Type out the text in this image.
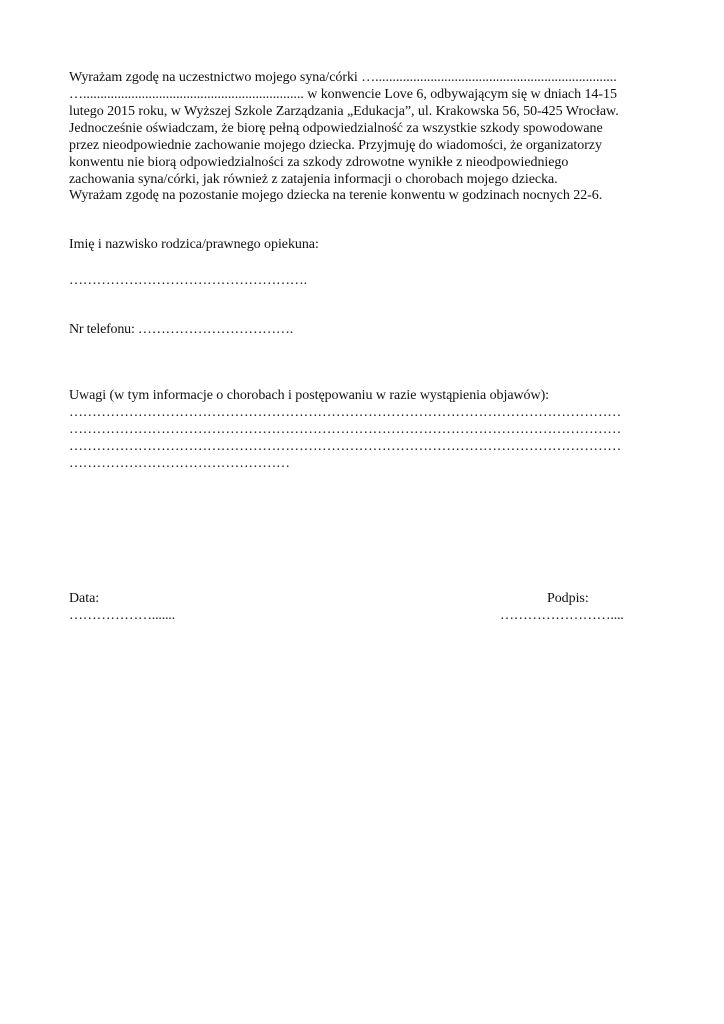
Wyrażam zgodę na uczestnictwo mojego syna/córki …......................................................................
…................................................................ w konwencie Love 6, odbywającym się w dniach 14-15
lutego 2015 roku, w Wyższej Szkole Zarządzania „Edukacja”, ul. Krakowska 56, 50-425 Wrocław.
Jednocześnie oświadczam, że biorę pełną odpowiedzialność za wszystkie szkody spowodowane
przez nieodpowiednie zachowanie mojego dziecka. Przyjmuję do wiadomości, że organizatorzy
konwentu nie biorą odpowiedzialności za szkody zdrowotne wynikłe z nieodpowiedniego
zachowania syna/córki, jak również z zatajenia informacji o chorobach mojego dziecka.
Wyrażam zgodę na pozostanie mojego dziecka na terenie konwentu w godzinach nocnych 22-6.
Imię i nazwisko rodzica/prawnego opiekuna:
…………………………………………….
Nr telefonu: …………………………….
Uwagi (w tym informacje o chorobach i postępowaniu w razie wystąpienia objawów):
…………………………………………………………………………………………………………
…………………………………………………………………………………………………………
…………………………………………………………………………………………………………
…………………………………………
Data:
……………….......
Podpis:
……………………....
